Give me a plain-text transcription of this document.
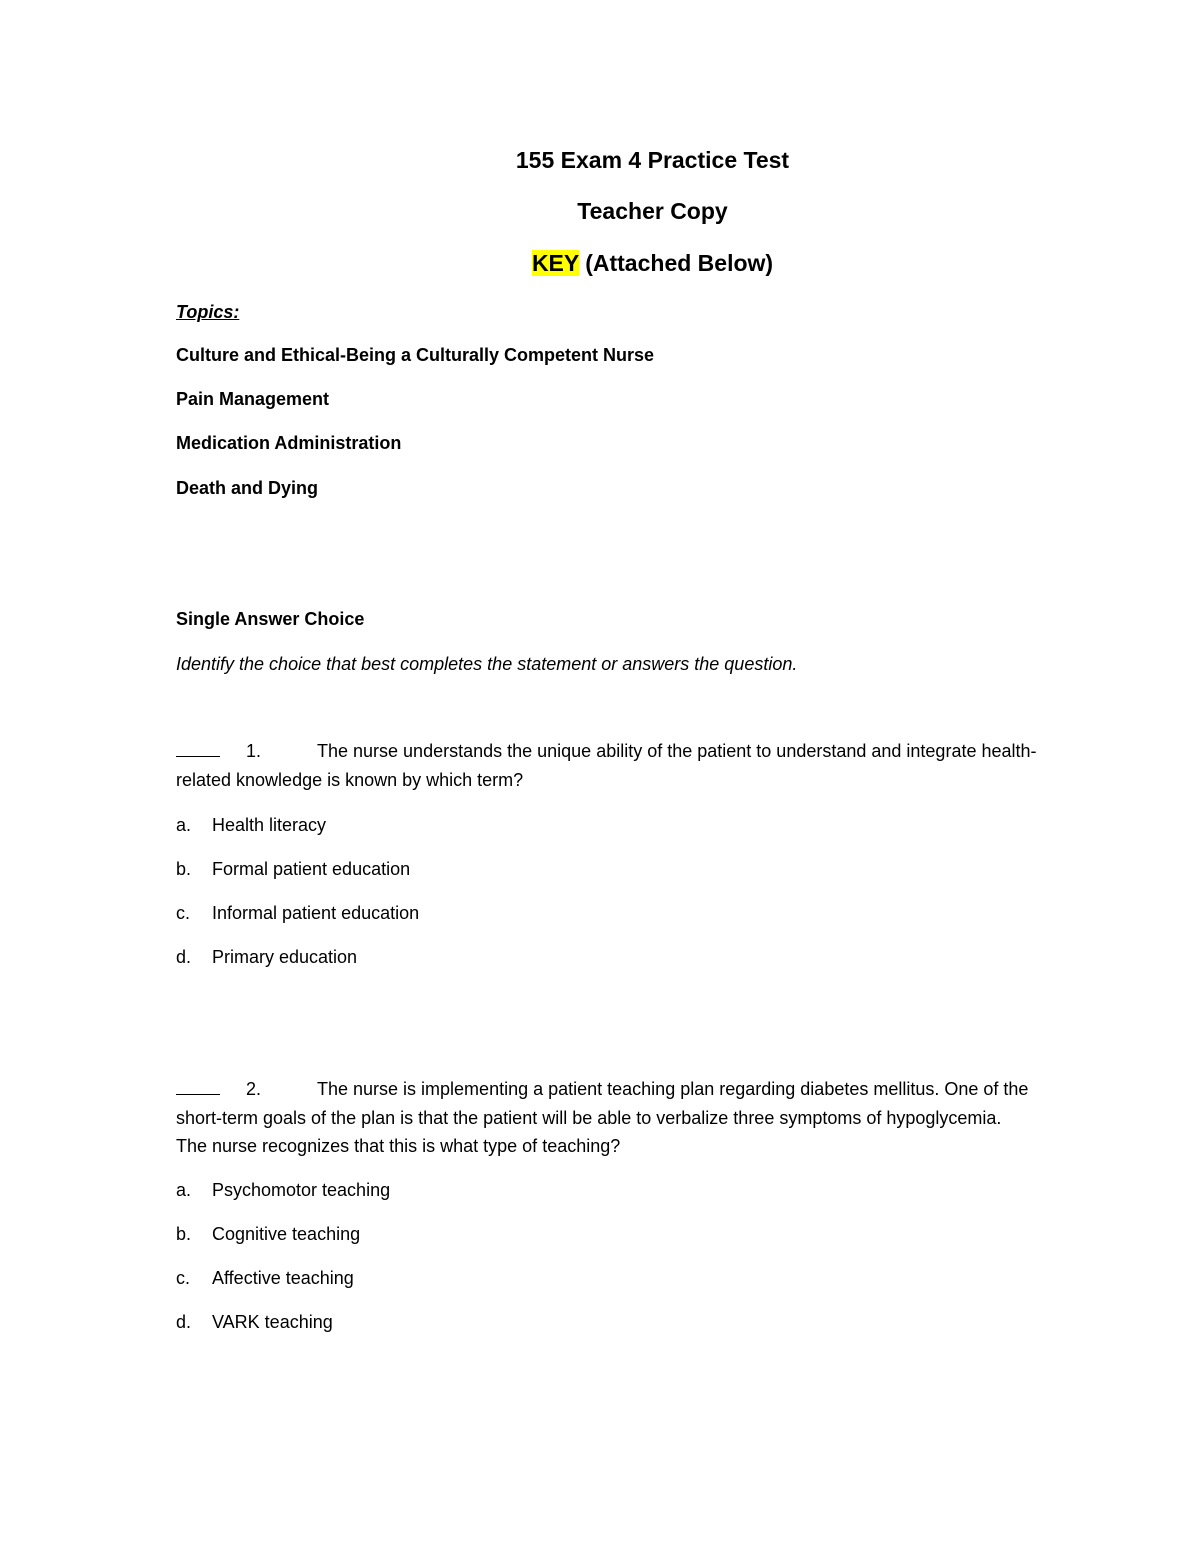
155 Exam 4 Practice Test
Teacher Copy
KEY (Attached Below)
Topics:
Culture and Ethical-Being a Culturally Competent Nurse
Pain Management
Medication Administration
Death and Dying
Single Answer Choice
Identify the choice that best completes the statement or answers the question.
1.	The nurse understands the unique ability of the patient to understand and integrate health-
related knowledge is known by which term?
a. Health literacy
b. Formal patient education
c. Informal patient education
d. Primary education
2.	The nurse is implementing a patient teaching plan regarding diabetes mellitus. One of the
short-term goals of the plan is that the patient will be able to verbalize three symptoms of hypoglycemia.
The nurse recognizes that this is what type of teaching?
a. Psychomotor teaching
b. Cognitive teaching
c. Affective teaching
d. VARK teaching
